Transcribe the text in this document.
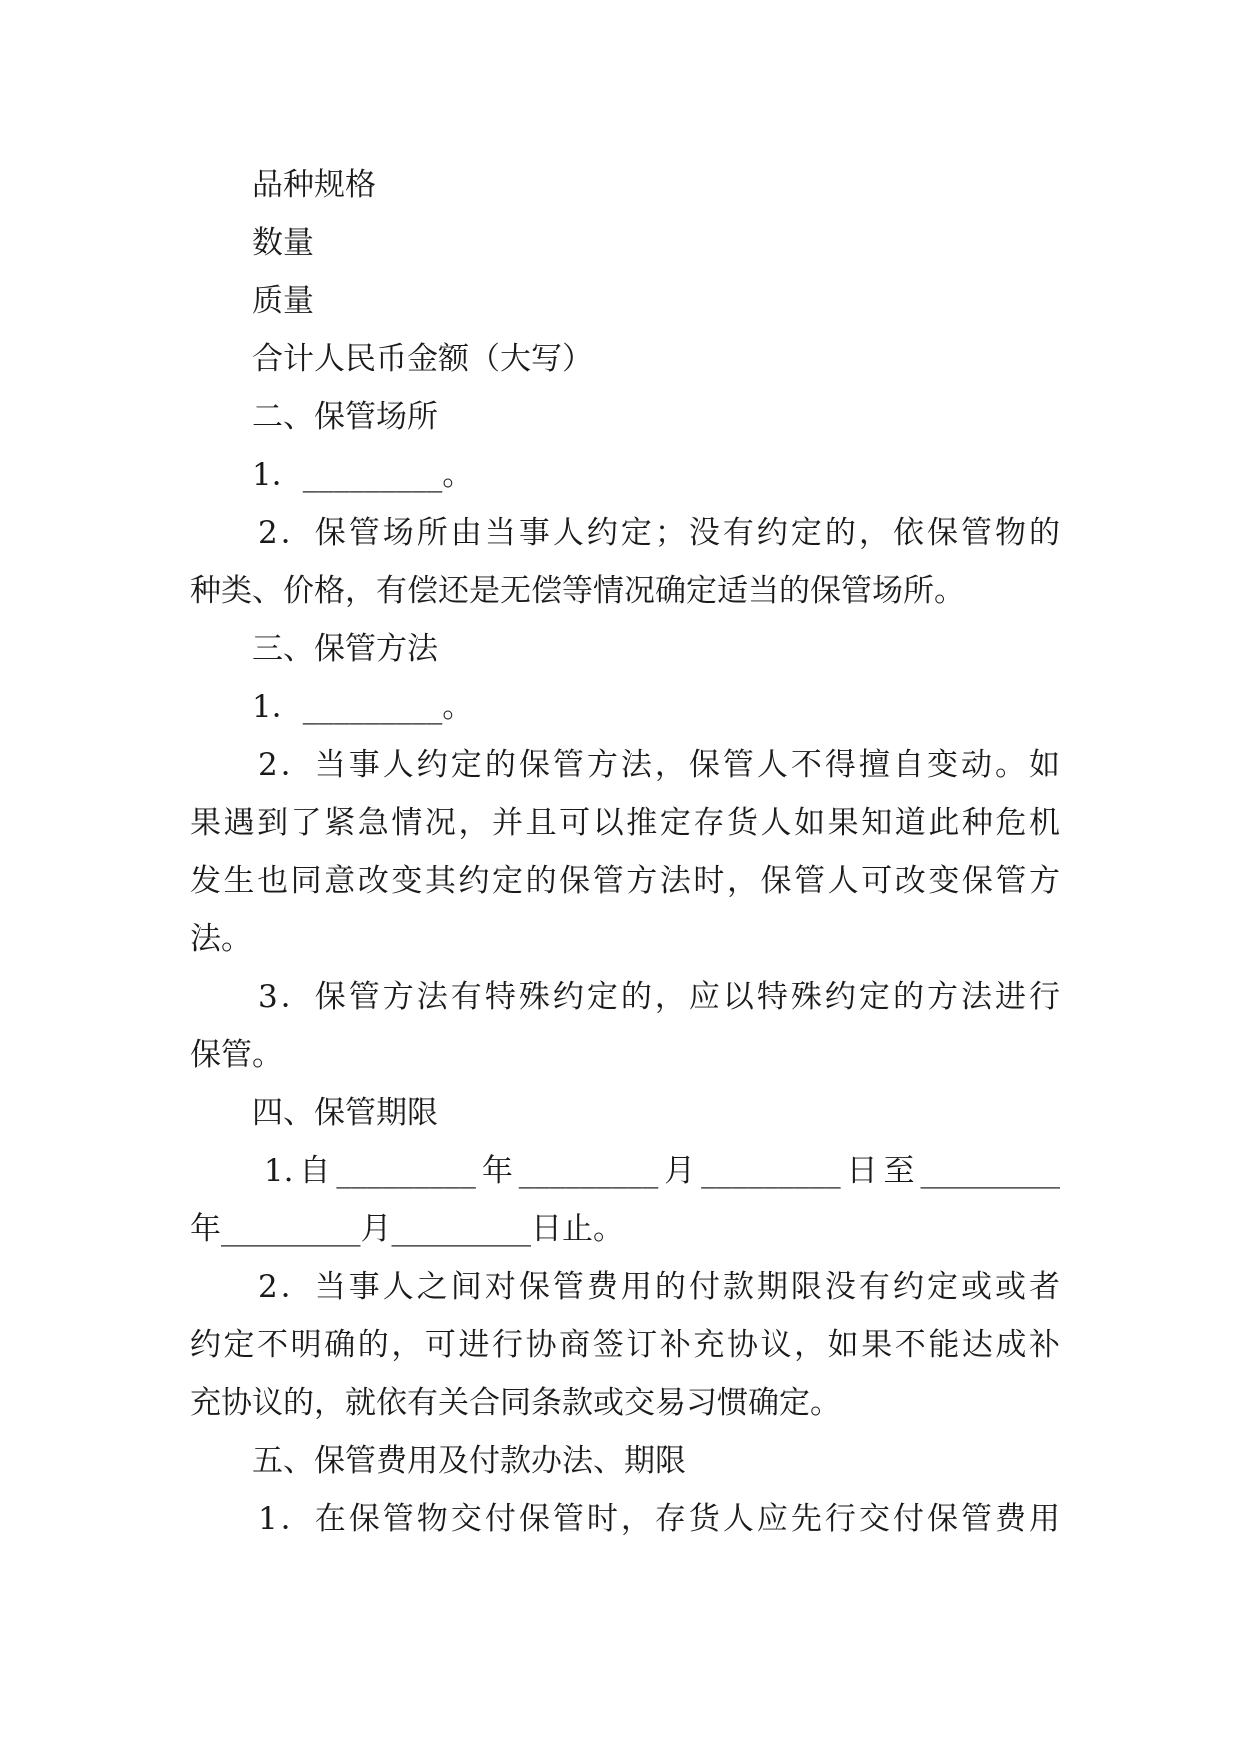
　　品种规格
　　数量
　　质量
　　合计人民币金额（大写）
　　二、保管场所
　　1．_________。
　　2．保管场所由当事人约定；没有约定的，依保管物的
种类、价格，有偿还是无偿等情况确定适当的保管场所。
　　三、保管方法
　　1．_________。
　　2．当事人约定的保管方法，保管人不得擅自变动。如
果遇到了紧急情况，并且可以推定存货人如果知道此种危机
发生也同意改变其约定的保管方法时，保管人可改变保管方
法。
　　3．保管方法有特殊约定的，应以特殊约定的方法进行
保管。
　　四、保管期限
　　1.自_________年_________月_________日至_________
年_________月_________日止。
　　2．当事人之间对保管费用的付款期限没有约定或或者
约定不明确的，可进行协商签订补充协议，如果不能达成补
充协议的，就依有关合同条款或交易习惯确定。
　　五、保管费用及付款办法、期限
　　1．在保管物交付保管时，存货人应先行交付保管费用
